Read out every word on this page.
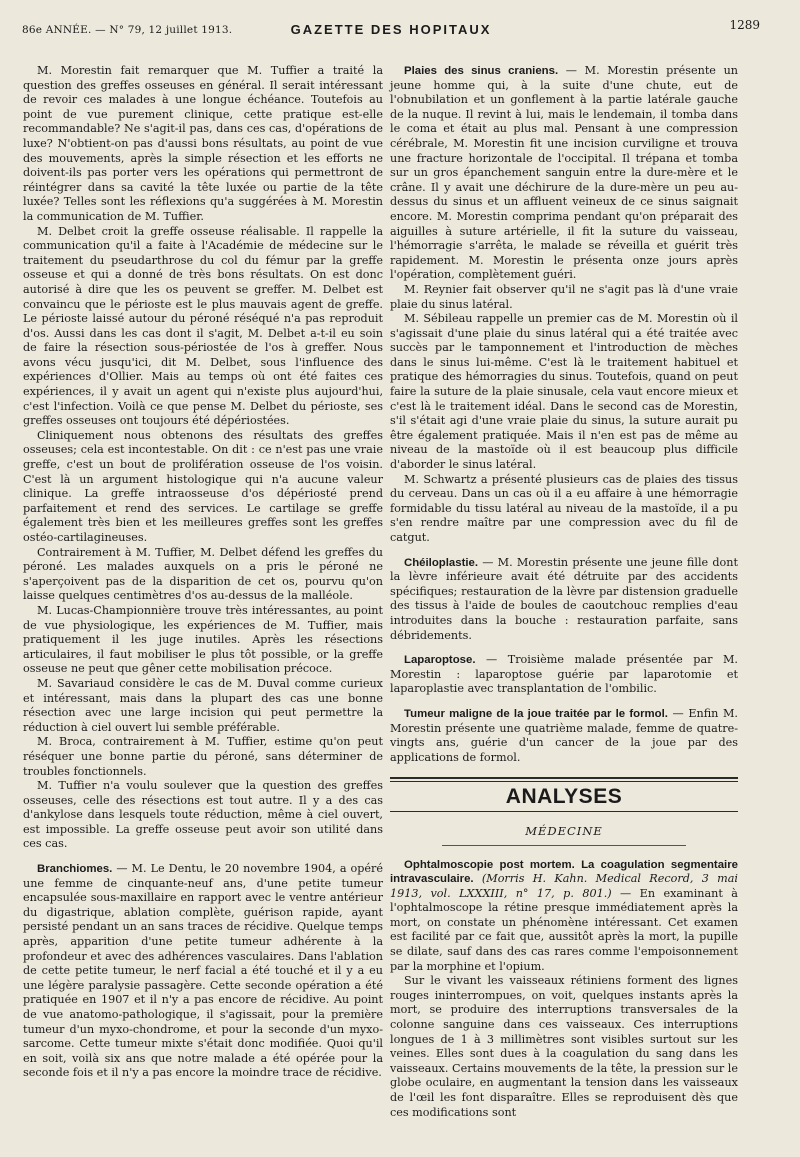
86e ANNÉE. — N° 79, 12 juillet 1913.	GAZETTE DES HOPITAUX	1289

M. Morestin fait remarquer que M. Tuffier a traité la question des greffes osseuses en général. Il serait intéressant de revoir ces malades à une longue échéance. Toutefois au point de vue purement clinique, cette pratique est-elle recommandable? Ne s'agit-il pas, dans ces cas, d'opérations de luxe? N'obtient-on pas d'aussi bons résultats, au point de vue des mouvements, après la simple résection et les efforts ne doivent-ils pas porter vers les opérations qui permettront de réintégrer dans sa cavité la tête luxée ou partie de la tête luxée? Telles sont les réflexions qu'a suggérées à M. Morestin la communication de M. Tuffier.

M. Delbet croit la greffe osseuse réalisable. Il rappelle la communication qu'il a faite à l'Académie de médecine sur le traitement du pseudarthrose du col du fémur par la greffe osseuse et qui a donné de très bons résultats. On est donc autorisé à dire que les os peuvent se greffer. M. Delbet est convaincu que le périoste est le plus mauvais agent de greffe. Le périoste laissé autour du péroné réséqué n'a pas reproduit d'os. Aussi dans les cas dont il s'agit, M. Delbet a-t-il eu soin de faire la résection sous-périostée de l'os à greffer. Nous avons vécu jusqu'ici, dit M. Delbet, sous l'influence des expériences d'Ollier. Mais au temps où ont été faites ces expériences, il y avait un agent qui n'existe plus aujourd'hui, c'est l'infection. Voilà ce que pense M. Delbet du périoste, ses greffes osseuses ont toujours été dépériostées.

Cliniquement nous obtenons des résultats des greffes osseuses; cela est incontestable. On dit : ce n'est pas une vraie greffe, c'est un bout de prolifération osseuse de l'os voisin. C'est là un argument histologique qui n'a aucune valeur clinique. La greffe intraosseuse d'os dépériosté prend parfaitement et rend des services. Le cartilage se greffe également très bien et les meilleures greffes sont les greffes ostéo-cartilagineuses.

Contrairement à M. Tuffier, M. Delbet défend les greffes du péroné. Les malades auxquels on a pris le péroné ne s'aperçoivent pas de la disparition de cet os, pourvu qu'on laisse quelques centimètres d'os au-dessus de la malléole.

M. Lucas-Championnière trouve très intéressantes, au point de vue physiologique, les expériences de M. Tuffier, mais pratiquement il les juge inutiles. Après les résections articulaires, il faut mobiliser le plus tôt possible, or la greffe osseuse ne peut que gêner cette mobilisation précoce.

M. Savariaud considère le cas de M. Duval comme curieux et intéressant, mais dans la plupart des cas une bonne résection avec une large incision qui peut permettre la réduction à ciel ouvert lui semble préférable.

M. Broca, contrairement à M. Tuffier, estime qu'on peut réséquer une bonne partie du péroné, sans déterminer de troubles fonctionnels.

M. Tuffier n'a voulu soulever que la question des greffes osseuses, celle des résections est tout autre. Il y a des cas d'ankylose dans lesquels toute réduction, même à ciel ouvert, est impossible. La greffe osseuse peut avoir son utilité dans ces cas.

Branchiomes. — M. Le Dentu, le 20 novembre 1904, a opéré une femme de cinquante-neuf ans, d'une petite tumeur encapsulée sous-maxillaire en rapport avec le ventre antérieur du digastrique, ablation complète, guérison rapide, ayant persisté pendant un an sans traces de récidive. Quelque temps après, apparition d'une petite tumeur adhérente à la profondeur et avec des adhérences vasculaires. Dans l'ablation de cette petite tumeur, le nerf facial a été touché et il y a eu une légère paralysie passagère. Cette seconde opération a été pratiquée en 1907 et il n'y a pas encore de récidive. Au point de vue anatomo-pathologique, il s'agissait, pour la première tumeur d'un myxo-chondrome, et pour la seconde d'un myxo-sarcome. Cette tumeur mixte s'était donc modifiée. Quoi qu'il en soit, voilà six ans que notre malade a été opérée pour la seconde fois et il n'y a pas encore la moindre trace de récidive.

Plaies des sinus craniens. — M. Morestin présente un jeune homme qui, à la suite d'une chute, eut de l'obnubilation et un gonflement à la partie latérale gauche de la nuque. Il revint à lui, mais le lendemain, il tomba dans le coma et était au plus mal. Pensant à une compression cérébrale, M. Morestin fit une incision curviligne et trouva une fracture horizontale de l'occipital. Il trépana et tomba sur un gros épanchement sanguin entre la dure-mère et le crâne. Il y avait une déchirure de la dure-mère un peu au-dessus du sinus et un affluent veineux de ce sinus saignait encore. M. Morestin comprima pendant qu'on préparait des aiguilles à suture artérielle, il fit la suture du vaisseau, l'hémorragie s'arrêta, le malade se réveilla et guérit très rapidement. M. Morestin le présenta onze jours après l'opération, complètement guéri.

M. Reynier fait observer qu'il ne s'agit pas là d'une vraie plaie du sinus latéral.

M. Sébileau rappelle un premier cas de M. Morestin où il s'agissait d'une plaie du sinus latéral qui a été traitée avec succès par le tamponnement et l'introduction de mèches dans le sinus lui-même. C'est là le traitement habituel et pratique des hémorragies du sinus. Toutefois, quand on peut faire la suture de la plaie sinusale, cela vaut encore mieux et c'est là le traitement idéal. Dans le second cas de Morestin, s'il s'était agi d'une vraie plaie du sinus, la suture aurait pu être également pratiquée. Mais il n'en est pas de même au niveau de la mastoïde où il est beaucoup plus difficile d'aborder le sinus latéral.

M. Schwartz a présenté plusieurs cas de plaies des tissus du cerveau. Dans un cas où il a eu affaire à une hémorragie formidable du tissu latéral au niveau de la mastoïde, il a pu s'en rendre maître par une compression avec du fil de catgut.

Chéiloplastie. — M. Morestin présente une jeune fille dont la lèvre inférieure avait été détruite par des accidents spécifiques; restauration de la lèvre par distension graduelle des tissus à l'aide de boules de caoutchouc remplies d'eau introduites dans la bouche : restauration parfaite, sans débridements.

Laparoptose. — Troisième malade présentée par M. Morestin : laparoptose guérie par laparotomie et laparoplastie avec transplantation de l'ombilic.

Tumeur maligne de la joue traitée par le formol. — Enfin M. Morestin présente une quatrième malade, femme de quatre-vingts ans, guérie d'un cancer de la joue par des applications de formol.

ANALYSES
MÉDECINE

Ophtalmoscopie post mortem. La coagulation segmentaire intravasculaire. (Morris H. Kahn. Medical Record, 3 mai 1913, vol. LXXXIII, n° 17, p. 801.) — En examinant à l'ophtalmoscope la rétine presque immédiatement après la mort, on constate un phénomène intéressant. Cet examen est facilité par ce fait que, aussitôt après la mort, la pupille se dilate, sauf dans des cas rares comme l'empoisonnement par la morphine et l'opium.

Sur le vivant les vaisseaux rétiniens forment des lignes rouges ininterrompues, on voit, quelques instants après la mort, se produire des interruptions transversales de la colonne sanguine dans ces vaisseaux. Ces interruptions longues de 1 à 3 millimètres sont visibles surtout sur les veines. Elles sont dues à la coagulation du sang dans les vaisseaux. Certains mouvements de la tête, la pression sur le globe oculaire, en augmentant la tension dans les vaisseaux de l'œil les font disparaître. Elles se reproduisent dès que ces modifications sont
